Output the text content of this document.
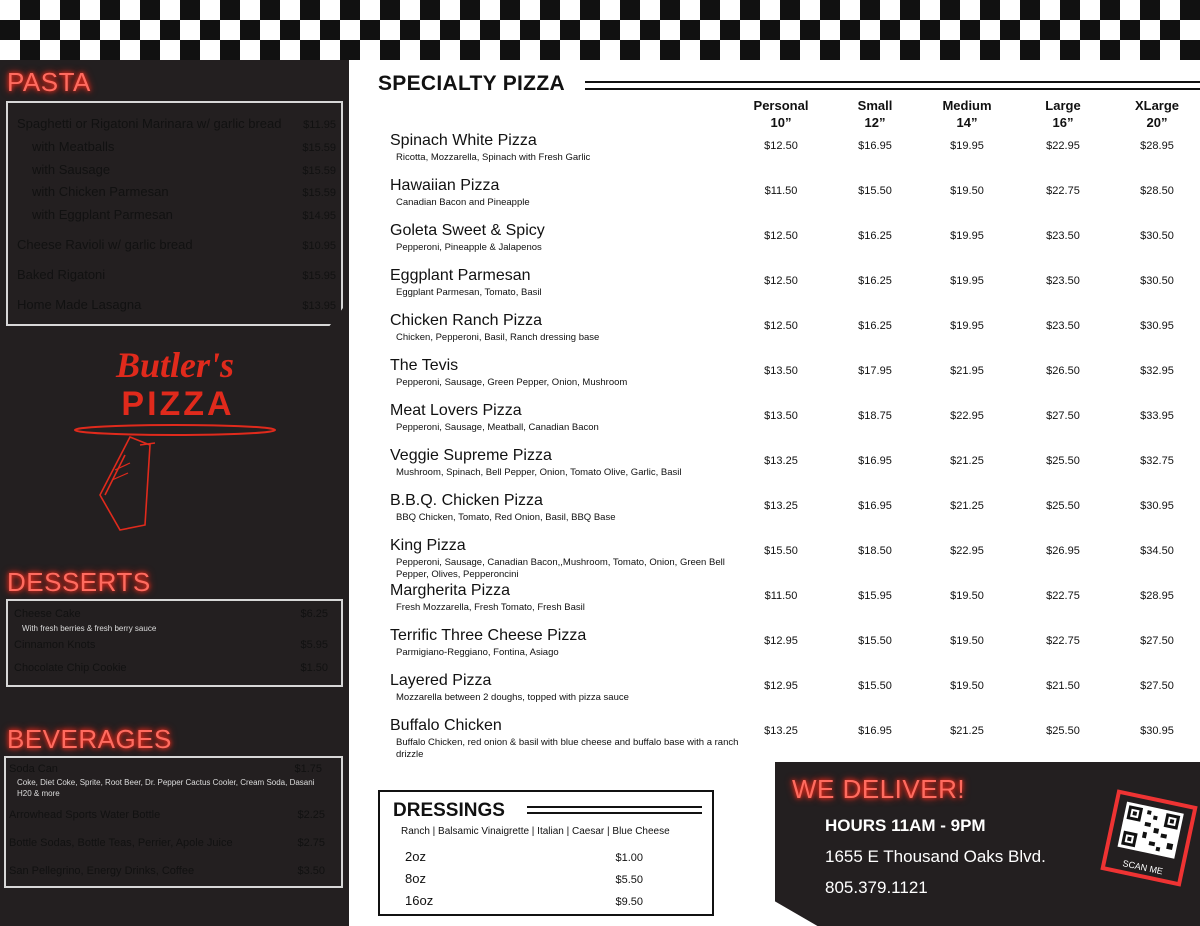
PASTA
Spaghetti or Rigatoni Marinara w/ garlic bread $11.95
with Meatballs	$15.59
with Sausage	$15.59
with Chicken Parmesan	$15.59
with Eggplant Parmesan	$14.95
Cheese Ravioli w/ garlic bread	$10.95
Baked Rigatoni	$15.95
Home Made Lasagna	$13.95
Butler's
PIZZA
DESSERTS
Cheese Cake	$6.25
With fresh berries & fresh berry sauce
Cinnamon Knots	$5.95
Chocolate Chip Cookie	$1.50
BEVERAGES
Soda Can	$1.75
Coke, Diet Coke, Sprite, Root Beer, Dr. Pepper Cactus Cooler, Cream Soda, Dasani H20 & more
Arrowhead Sports Water Bottle	$2.25
Bottle Sodas, Bottle Teas, Perrier, Apole Juice	$2.75
San Pellegrino, Energy Drinks, Coffee	$3.50
SPECIALTY PIZZA
Personal
10”
Small
12”
Medium
14”
Large
16”
XLarge
20”
Spinach White Pizza
Ricotta, Mozzarella, Spinach with Fresh Garlic
$12.50	$16.95	$19.95	$22.95	$28.95
Hawaiian Pizza
Canadian Bacon and Pineapple
$11.50	$15.50	$19.50	$22.75	$28.50
Goleta Sweet & Spicy
Pepperoni, Pineapple & Jalapenos
$12.50	$16.25	$19.95	$23.50	$30.50
Eggplant Parmesan
Eggplant Parmesan, Tomato, Basil
$12.50	$16.25	$19.95	$23.50	$30.50
Chicken Ranch Pizza
Chicken, Pepperoni, Basil, Ranch dressing base
$12.50	$16.25	$19.95	$23.50	$30.95
The Tevis
Pepperoni, Sausage, Green Pepper, Onion, Mushroom
$13.50	$17.95	$21.95	$26.50	$32.95
Meat Lovers Pizza
Pepperoni, Sausage, Meatball, Canadian Bacon
$13.50	$18.75	$22.95	$27.50	$33.95
Veggie Supreme Pizza
Mushroom, Spinach, Bell Pepper, Onion, Tomato Olive, Garlic, Basil
$13.25	$16.95	$21.25	$25.50	$32.75
B.B.Q. Chicken Pizza
BBQ Chicken, Tomato, Red Onion, Basil, BBQ Base
$13.25	$16.95	$21.25	$25.50	$30.95
King Pizza
Pepperoni, Sausage, Canadian Bacon,,Mushroom, Tomato, Onion, Green Bell Pepper, Olives, Pepperoncini
$15.50	$18.50	$22.95	$26.95	$34.50
Margherita Pizza
Fresh Mozzarella, Fresh Tomato, Fresh Basil
$11.50	$15.95	$19.50	$22.75	$28.95
Terrific Three Cheese Pizza
Parmigiano-Reggiano, Fontina, Asiago
$12.95	$15.50	$19.50	$22.75	$27.50
Layered Pizza
Mozzarella between 2 doughs, topped with pizza sauce
$12.95	$15.50	$19.50	$21.50	$27.50
Buffalo Chicken
Buffalo Chicken, red onion & basil with blue cheese and buffalo base with a ranch drizzle
$13.25	$16.95	$21.25	$25.50	$30.95
DRESSINGS
Ranch | Balsamic Vinaigrette | Italian | Caesar | Blue Cheese
2oz	$1.00
8oz	$5.50
16oz	$9.50
WE DELIVER!
HOURS 11AM - 9PM
1655 E Thousand Oaks Blvd.
805.379.1121
SCAN ME
